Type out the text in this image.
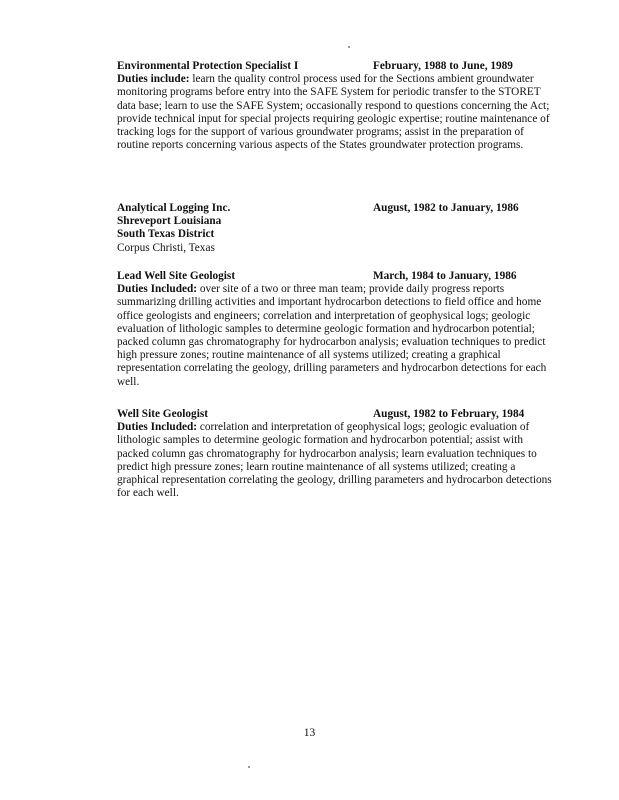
Environmental Protection Specialist I	February, 1988 to June, 1989

Duties include: learn the quality control process used for the Sections ambient groundwater monitoring programs before entry into the SAFE System for periodic transfer to the STORET data base; learn to use the SAFE System; occasionally respond to questions concerning the Act; provide technical input for special projects requiring geologic expertise; routine maintenance of tracking logs for the support of various groundwater programs; assist in the preparation of routine reports concerning various aspects of the States groundwater protection programs.

Analytical Logging Inc.	August, 1982 to January, 1986
Shreveport Louisiana
South Texas District
Corpus Christi, Texas
Lead Well Site Geologist	March, 1984 to January, 1986

Duties Included: over site of a two or three man team; provide daily progress reports summarizing drilling activities and important hydrocarbon detections to field office and home office geologists and engineers; correlation and interpretation of geophysical logs; geologic evaluation of lithologic samples to determine geologic formation and hydrocarbon potential; packed column gas chromatography for hydrocarbon analysis; evaluation techniques to predict high pressure zones; routine maintenance of all systems utilized; creating a graphical representation correlating the geology, drilling parameters and hydrocarbon detections for each well.

Well Site Geologist	August, 1982 to February, 1984

Duties Included: correlation and interpretation of geophysical logs; geologic evaluation of lithologic samples to determine geologic formation and hydrocarbon potential; assist with packed column gas chromatography for hydrocarbon analysis; learn evaluation techniques to predict high pressure zones; learn routine maintenance of all systems utilized; creating a graphical representation correlating the geology, drilling parameters and hydrocarbon detections for each well.

13
